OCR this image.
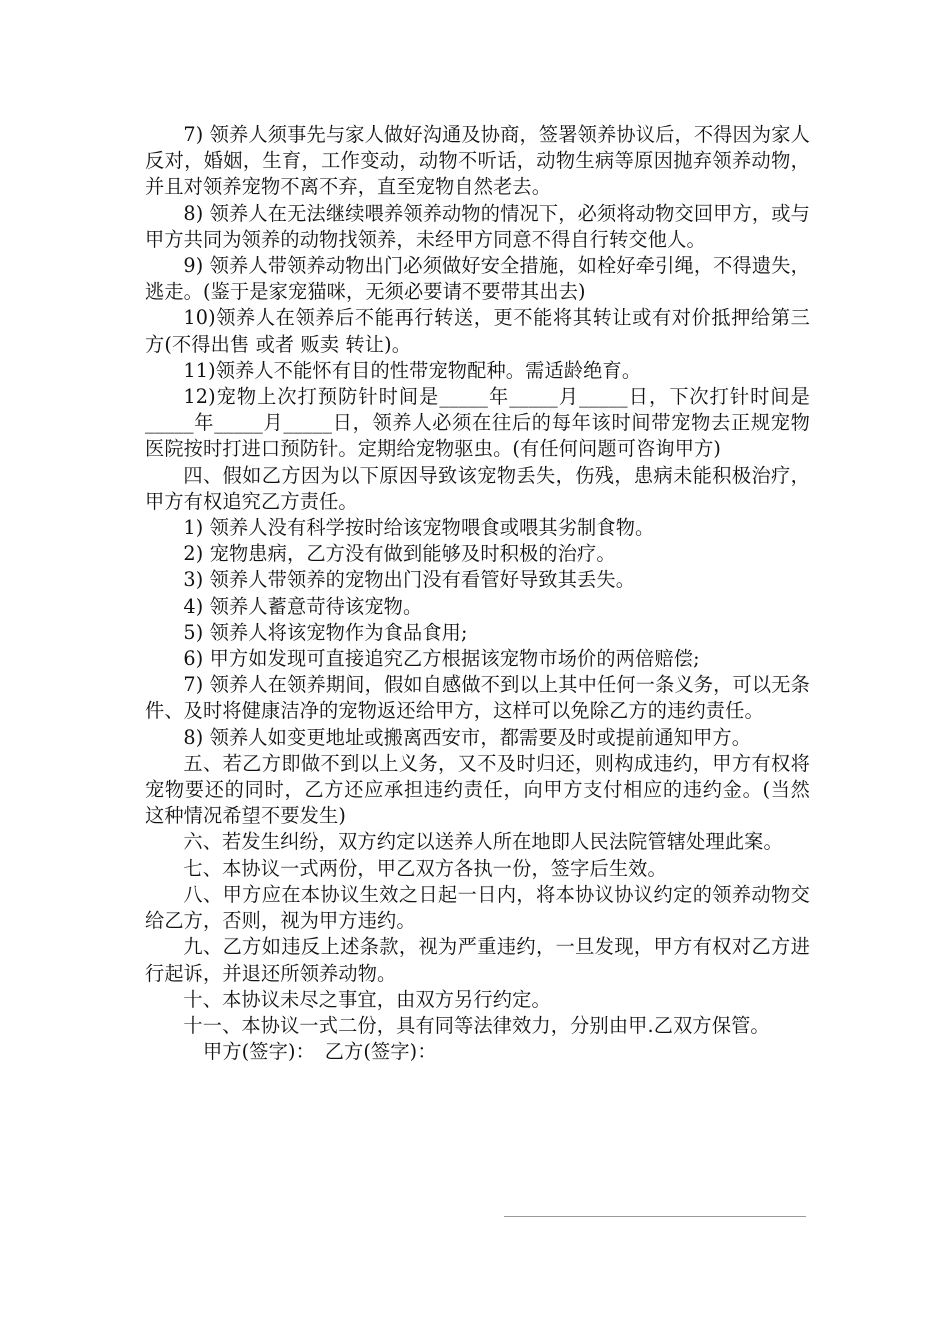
7) 领养人须事先与家人做好沟通及协商，签署领养协议后，不得因为家人反对，婚姻，生育，工作变动，动物不听话，动物生病等原因抛弃领养动物，并且对领养宠物不离不弃，直至宠物自然老去。

8) 领养人在无法继续喂养领养动物的情况下，必须将动物交回甲方，或与甲方共同为领养的动物找领养，未经甲方同意不得自行转交他人。

9) 领养人带领养动物出门必须做好安全措施，如栓好牵引绳，不得遗失，逃走。(鉴于是家宠猫咪，无须必要请不要带其出去)

10)领养人在领养后不能再行转送，更不能将其转让或有对价抵押给第三方(不得出售 或者 贩卖 转让)。

11)领养人不能怀有目的性带宠物配种。需适龄绝育。

12)宠物上次打预防针时间是_____年_____月_____日，下次打针时间是_____年_____月_____日，领养人必须在往后的每年该时间带宠物去正规宠物医院按时打进口预防针。定期给宠物驱虫。(有任何问题可咨询甲方)

四、假如乙方因为以下原因导致该宠物丢失，伤残，患病未能积极治疗，甲方有权追究乙方责任。

1) 领养人没有科学按时给该宠物喂食或喂其劣制食物。

2) 宠物患病，乙方没有做到能够及时积极的治疗。

3) 领养人带领养的宠物出门没有看管好导致其丢失。

4) 领养人蓄意苛待该宠物。

5) 领养人将该宠物作为食品食用;

6) 甲方如发现可直接追究乙方根据该宠物市场价的两倍赔偿;

7) 领养人在领养期间，假如自感做不到以上其中任何一条义务，可以无条件、及时将健康洁净的宠物返还给甲方，这样可以免除乙方的违约责任。

8) 领养人如变更地址或搬离西安市，都需要及时或提前通知甲方。

五、若乙方即做不到以上义务，又不及时归还，则构成违约，甲方有权将宠物要还的同时，乙方还应承担违约责任，向甲方支付相应的违约金。(当然这种情况希望不要发生)

六、若发生纠纷，双方约定以送养人所在地即人民法院管辖处理此案。

七、本协议一式两份，甲乙双方各执一份，签字后生效。

八、甲方应在本协议生效之日起一日内，将本协议协议约定的领养动物交给乙方，否则，视为甲方违约。

九、乙方如违反上述条款，视为严重违约，一旦发现，甲方有权对乙方进行起诉，并退还所领养动物。

十、本协议未尽之事宜，由双方另行约定。

十一、本协议一式二份，具有同等法律效力，分别由甲.乙双方保管。

甲方(签字)：　乙方(签字)：
